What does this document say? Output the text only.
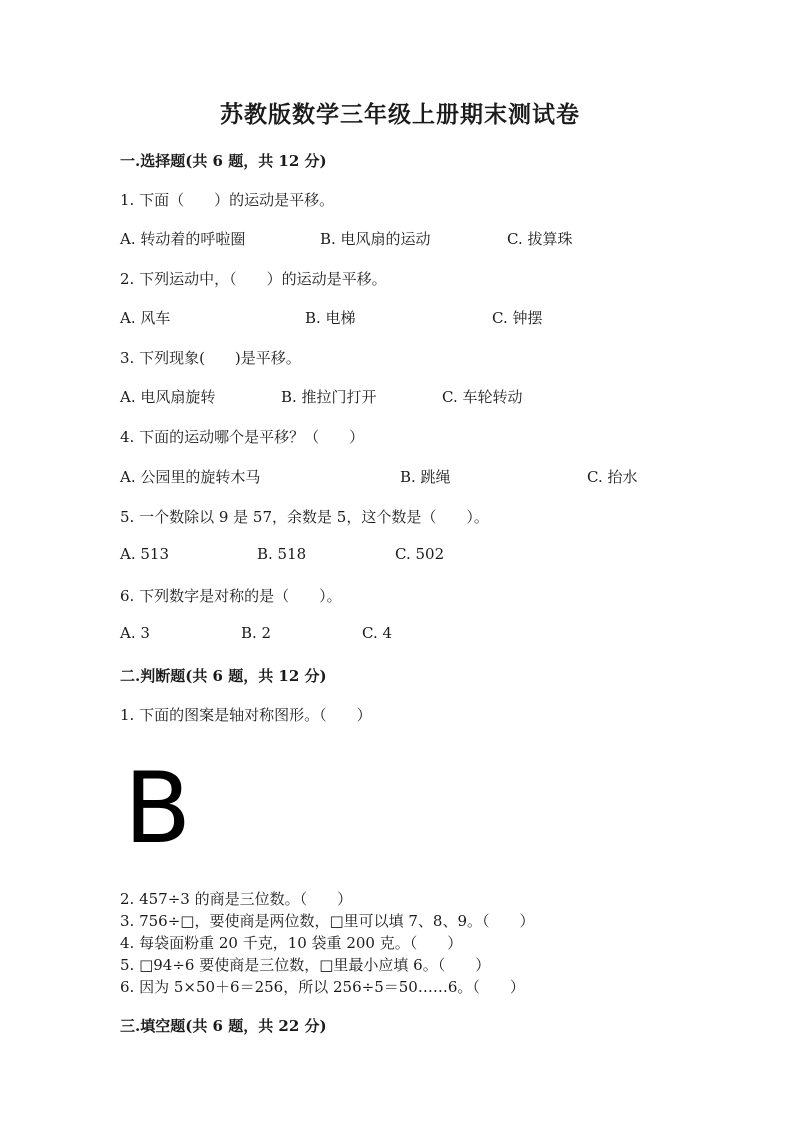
苏教版数学三年级上册期末测试卷
一.选择题(共 6 题，共 12 分)
1. 下面（　　）的运动是平移。
A. 转动着的呼啦圈	B. 电风扇的运动	C. 拔算珠
2. 下列运动中，（　　）的运动是平移。
A. 风车	B. 电梯	C. 钟摆
3. 下列现象(　　)是平移。
A. 电风扇旋转	B. 推拉门打开	C. 车轮转动
4. 下面的运动哪个是平移？（　　）
A. 公园里的旋转木马	B. 跳绳	C. 抬水
5. 一个数除以 9 是 57，余数是 5，这个数是（　　）。
A. 513	B. 518	C. 502
6. 下列数字是对称的是（　　）。
A. 3	B. 2	C. 4
二.判断题(共 6 题，共 12 分)
1. 下面的图案是轴对称图形。（　　）
B
2. 457÷3 的商是三位数。（　　）
3. 756÷□，要使商是两位数，□里可以填 7、8、9。（　　）
4. 每袋面粉重 20 千克，10 袋重 200 克。（　　）
5. □94÷6 要使商是三位数，□里最小应填 6。（　　）
6. 因为 5×50＋6＝256，所以 256÷5＝50……6。（　　）
三.填空题(共 6 题，共 22 分)
